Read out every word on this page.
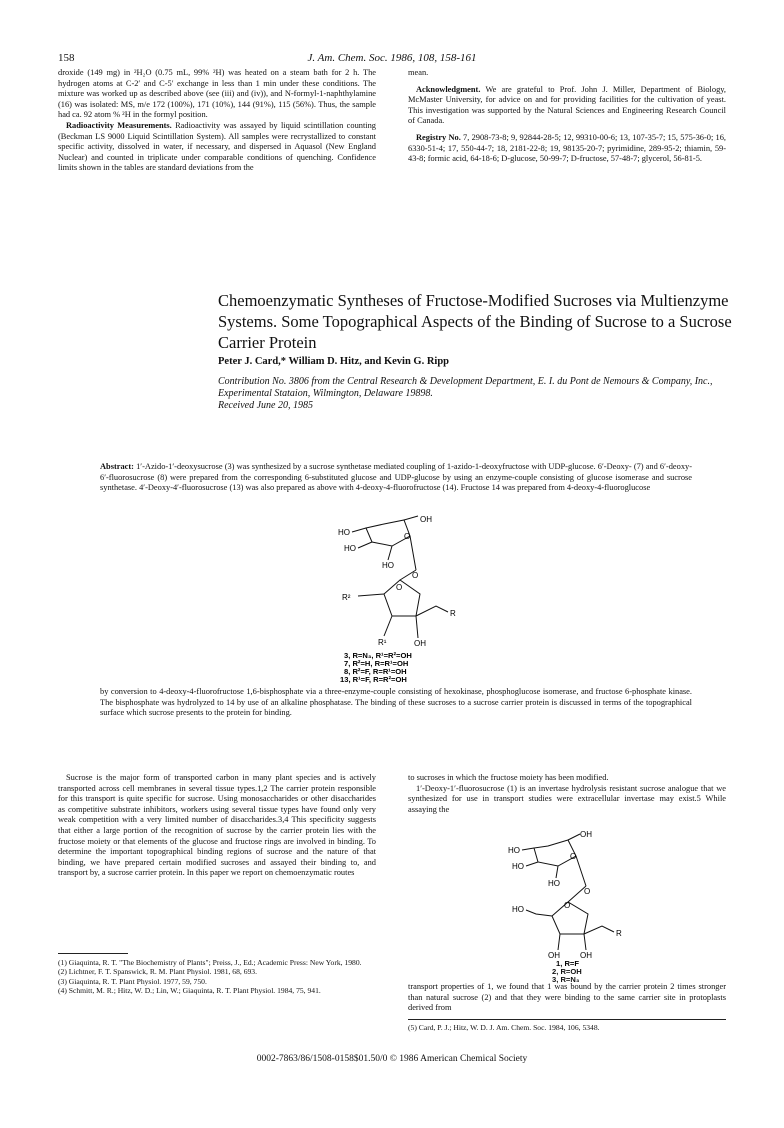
158	J. Am. Chem. Soc. 1986, 108, 158-161

droxide (149 mg) in ²H₂O (0.75 mL, 99% ²H) was heated on a steam bath for 2 h. The hydrogen atoms at C-2′ and C-5′ exchange in less than 1 min under these conditions. The mixture was worked up as described above (see (iii) and (iv)), and N-formyl-1-naphthylamine (16) was isolated: MS, m/e 172 (100%), 171 (10%), 144 (91%), 115 (56%). Thus, the sample had ca. 92 atom % ²H in the formyl position.

Radioactivity Measurements. Radioactivity was assayed by liquid scintillation counting (Beckman LS 9000 Liquid Scintillation System). All samples were recrystallized to constant specific activity, dissolved in water, if necessary, and dispersed in Aquasol (New England Nuclear) and counted in triplicate under comparable conditions of quenching. Confidence limits shown in the tables are standard deviations from the

mean.

Acknowledgment. We are grateful to Prof. John J. Miller, Department of Biology, McMaster University, for advice on and for providing facilities for the cultivation of yeast. This investigation was supported by the Natural Sciences and Engineering Research Council of Canada.

Registry No. 7, 2908-73-8; 9, 92844-28-5; 12, 99310-00-6; 13, 107-35-7; 15, 575-36-0; 16, 6330-51-4; 17, 550-44-7; 18, 2181-22-8; 19, 98135-20-7; pyrimidine, 289-95-2; thiamin, 59-43-8; formic acid, 64-18-6; D-glucose, 50-99-7; D-fructose, 57-48-7; glycerol, 56-81-5.

Chemoenzymatic Syntheses of Fructose-Modified Sucroses via Multienzyme Systems. Some Topographical Aspects of the Binding of Sucrose to a Sucrose Carrier Protein
Peter J. Card,* William D. Hitz, and Kevin G. Ripp
Contribution No. 3806 from the Central Research & Development Department, E. I. du Pont de Nemours & Company, Inc., Experimental Stataion, Wilmington, Delaware 19898.
Received June 20, 1985
Abstract: 1′-Azido-1′-deoxysucrose (3) was synthesized by a sucrose synthetase mediated coupling of 1-azido-1-deoxyfructose with UDP-glucose. 6′-Deoxy- (7) and 6′-deoxy-6′-fluorosucrose (8) were prepared from the corresponding 6-substituted glucose and UDP-glucose by using an enzyme-couple consisting of glucose isomerase and sucrose synthetase. 4′-Deoxy-4′-fluorosucrose (13) was also prepared as above with 4-deoxy-4-fluorofructose (14). Fructose 14 was prepared from 4-deoxy-4-fluoroglucose
OH
HO
HO
O
HO
O
R²
O
R
R¹	OH
3, R=N₃, R¹=R²=OH
7, R²=H, R=R¹=OH
8, R²=F, R=R¹=OH
13, R¹=F, R=R²=OH
by conversion to 4-deoxy-4-fluorofructose 1,6-bisphosphate via a three-enzyme-couple consisting of hexokinase, phosphoglucose isomerase, and fructose 6-phosphate kinase. The bisphosphate was hydrolyzed to 14 by use of an alkaline phosphatase. The binding of these sucroses to a sucrose carrier protein is discussed in terms of the topographical surface which sucrose presents to the protein for binding.

Sucrose is the major form of transported carbon in many plant species and is actively transported across cell membranes in several tissue types.1,2 The carrier protein responsible for this transport is quite specific for sucrose. Using monosaccharides or other disaccharides as competitive substrate inhibitors, workers using several tissue types have found only very weak competition with a very limited number of disaccharides.3,4 This specificity suggests that either a large portion of the recognition of sucrose by the carrier protein lies with the fructose moiety or that elements of the glucose and fructose rings are involved in binding. To determine the important topographical binding regions of sucrose and the nature of that binding, we have prepared certain modified sucroses and assayed their binding to, and transport by, a sucrose carrier protein. In this paper we report on chemoenzymatic routes

(1) Giaquinta, R. T. "The Biochemistry of Plants"; Preiss, J., Ed.; Academic Press: New York, 1980.
(2) Lichtner, F. T. Spanswick, R. M. Plant Physiol. 1981, 68, 693.
(3) Giaquinta, R. T. Plant Physiol. 1977, 59, 750.
(4) Schmitt, M. R.; Hitz, W. D.; Lin, W.; Giaquinta, R. T. Plant Physiol. 1984, 75, 941.

to sucroses in which the fructose moiety has been modified.

1′-Deoxy-1′-fluorosucrose (1) is an invertase hydrolysis resistant sucrose analogue that we synthesized for use in transport studies were extracellular invertase may exist.5 While assaying the

OH
HO
HO
O
HO
HO
O
O
R
OH	OH
1, R=F
2, R=OH
3, R=N₃

transport properties of 1, we found that 1 was bound by the carrier protein 2 times stronger than natural sucrose (2) and that they were binding to the same carrier site in protoplasts derived from

(5) Card, P. J.; Hitz, W. D. J. Am. Chem. Soc. 1984, 106, 5348.
0002-7863/86/1508-0158$01.50/0 © 1986 American Chemical Society
